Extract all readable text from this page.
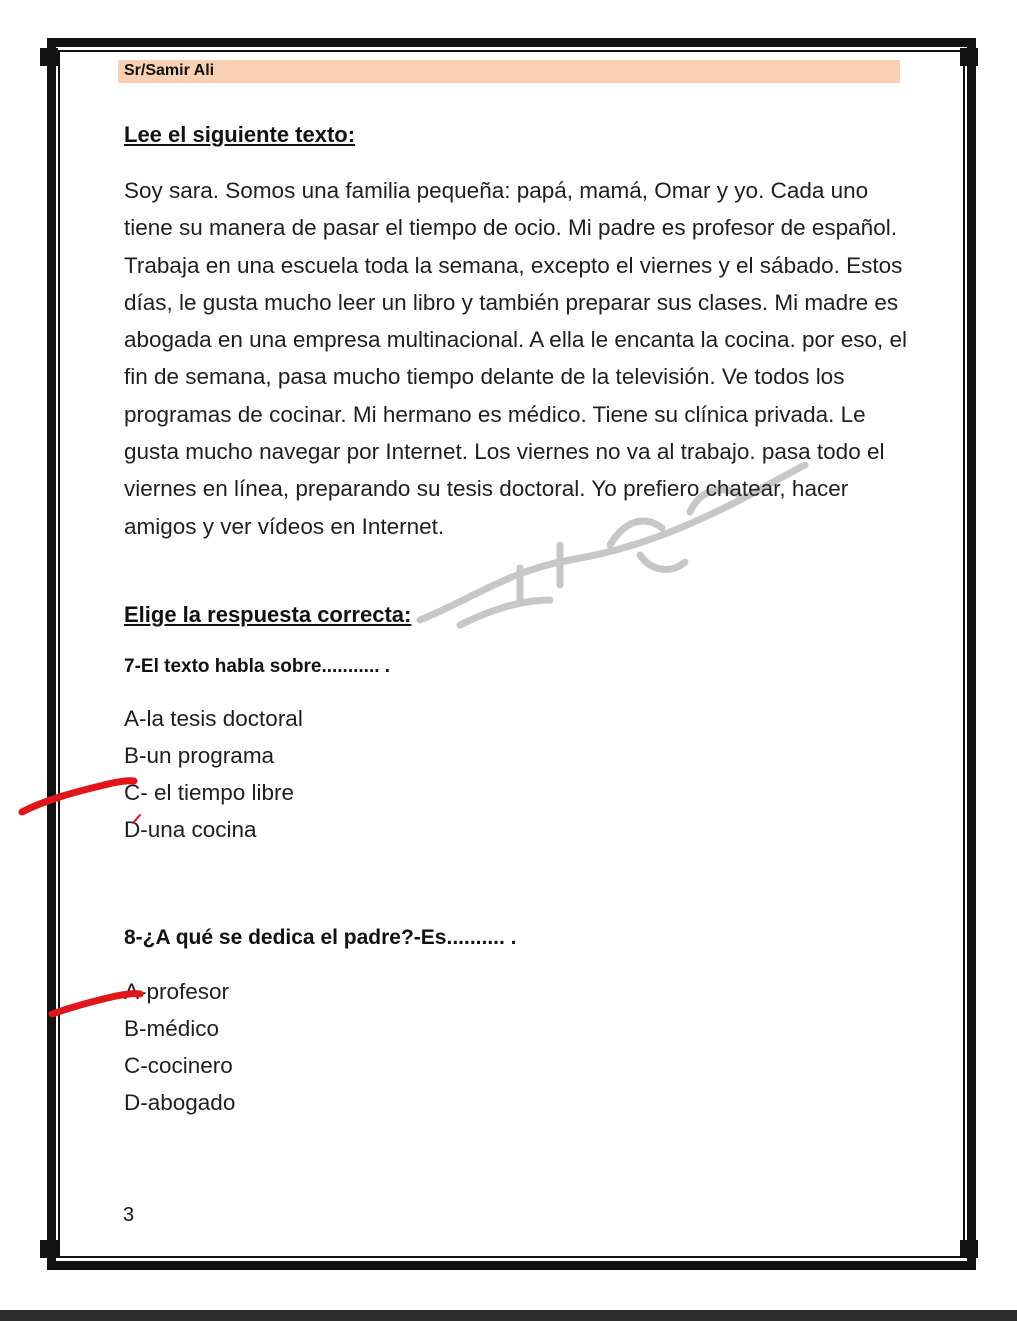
Sr/Samir Ali
Lee el siguiente texto:

Soy sara. Somos una familia pequeña: papá, mamá, Omar y yo. Cada uno tiene su manera de pasar el tiempo de ocio. Mi padre es profesor de español. Trabaja en una escuela toda la semana, excepto el viernes y el sábado. Estos días, le gusta mucho leer un libro y también preparar sus clases. Mi madre es abogada en una empresa multinacional. A ella le encanta la cocina. por eso, el fin de semana, pasa mucho tiempo delante de la televisión. Ve todos los programas de cocinar. Mi hermano es médico. Tiene su clínica privada. Le gusta mucho navegar por Internet. Los viernes no va al trabajo. pasa todo el viernes en línea, preparando su tesis doctoral. Yo prefiero chatear, hacer amigos y ver vídeos en Internet.

Elige la respuesta correcta:
7-El texto habla sobre........... .
A-la tesis doctoral
B-un programa
C- el tiempo libre
D-una cocina
8-¿A qué se dedica el padre?-Es.......... .
A-profesor
B-médico
C-cocinero
D-abogado
3
